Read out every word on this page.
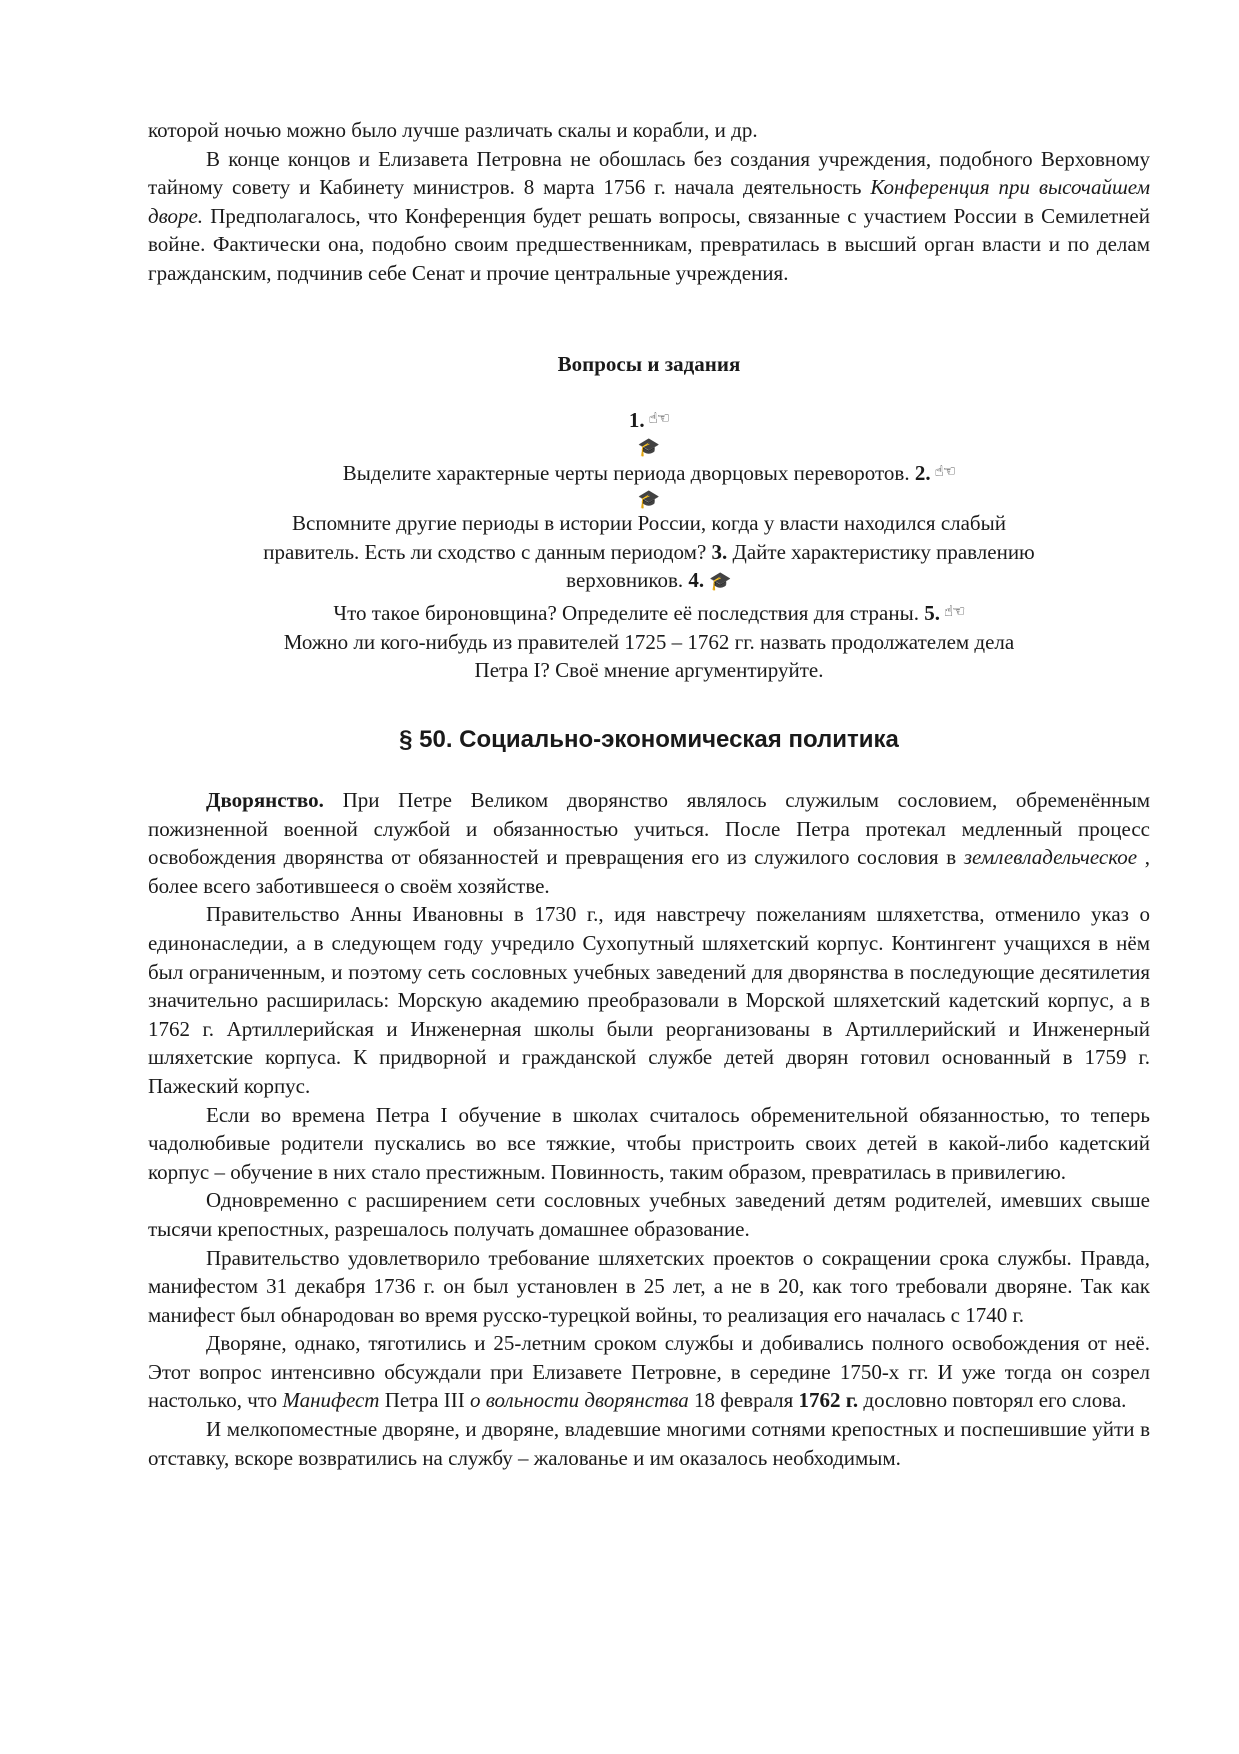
которой ночью можно было лучше различать скалы и корабли, и др.

В конце концов и Елизавета Петровна не обошлась без создания учреждения, подобного Верховному тайному совету и Кабинету министров. 8 марта 1756 г. начала деятельность Конференция при высочайшем дворе. Предполагалось, что Конференция будет решать вопросы, связанные с участием России в Семилетней войне. Фактически она, подобно своим предшественникам, превратилась в высший орган власти и по делам гражданским, подчинив себе Сенат и прочие центральные учреждения.

Вопросы и задания
1. ☝☜
🎓
Выделите характерные черты периода дворцовых переворотов. 2. ☝☜
🎓
Вспомните другие периоды в истории России, когда у власти находился слабый
правитель. Есть ли сходство с данным периодом? 3. Дайте характеристику правлению
верховников. 4. 🎓
Что такое бироновщина? Определите её последствия для страны. 5. ☝☜
Можно ли кого-нибудь из правителей 1725 – 1762 гг. назвать продолжателем дела
Петра I? Своё мнение аргументируйте.
§ 50. Социально-экономическая политика

Дворянство. При Петре Великом дворянство являлось служилым сословием, обременённым пожизненной военной службой и обязанностью учиться. После Петра протекал медленный процесс освобождения дворянства от обязанностей и превращения его из служилого сословия в землевладельческое , более всего заботившееся о своём хозяйстве.

Правительство Анны Ивановны в 1730 г., идя навстречу пожеланиям шляхетства, отменило указ о единонаследии, а в следующем году учредило Сухопутный шляхетский корпус. Контингент учащихся в нём был ограниченным, и поэтому сеть сословных учебных заведений для дворянства в последующие десятилетия значительно расширилась: Морскую академию преобразовали в Морской шляхетский кадетский корпус, а в 1762 г. Артиллерийская и Инженерная школы были реорганизованы в Артиллерийский и Инженерный шляхетские корпуса. К придворной и гражданской службе детей дворян готовил основанный в 1759 г. Пажеский корпус.

Если во времена Петра I обучение в школах считалось обременительной обязанностью, то теперь чадолюбивые родители пускались во все тяжкие, чтобы пристроить своих детей в какой-либо кадетский корпус – обучение в них стало престижным. Повинность, таким образом, превратилась в привилегию.

Одновременно с расширением сети сословных учебных заведений детям родителей, имевших свыше тысячи крепостных, разрешалось получать домашнее образование.

Правительство удовлетворило требование шляхетских проектов о сокращении срока службы. Правда, манифестом 31 декабря 1736 г. он был установлен в 25 лет, а не в 20, как того требовали дворяне. Так как манифест был обнародован во время русско-турецкой войны, то реализация его началась с 1740 г.

Дворяне, однако, тяготились и 25-летним сроком службы и добивались полного освобождения от неё. Этот вопрос интенсивно обсуждали при Елизавете Петровне, в середине 1750-х гг. И уже тогда он созрел настолько, что Манифест Петра III о вольности дворянства 18 февраля 1762 г. дословно повторял его слова.

И мелкопоместные дворяне, и дворяне, владевшие многими сотнями крепостных и поспешившие уйти в отставку, вскоре возвратились на службу – жалованье и им оказалось необходимым.
